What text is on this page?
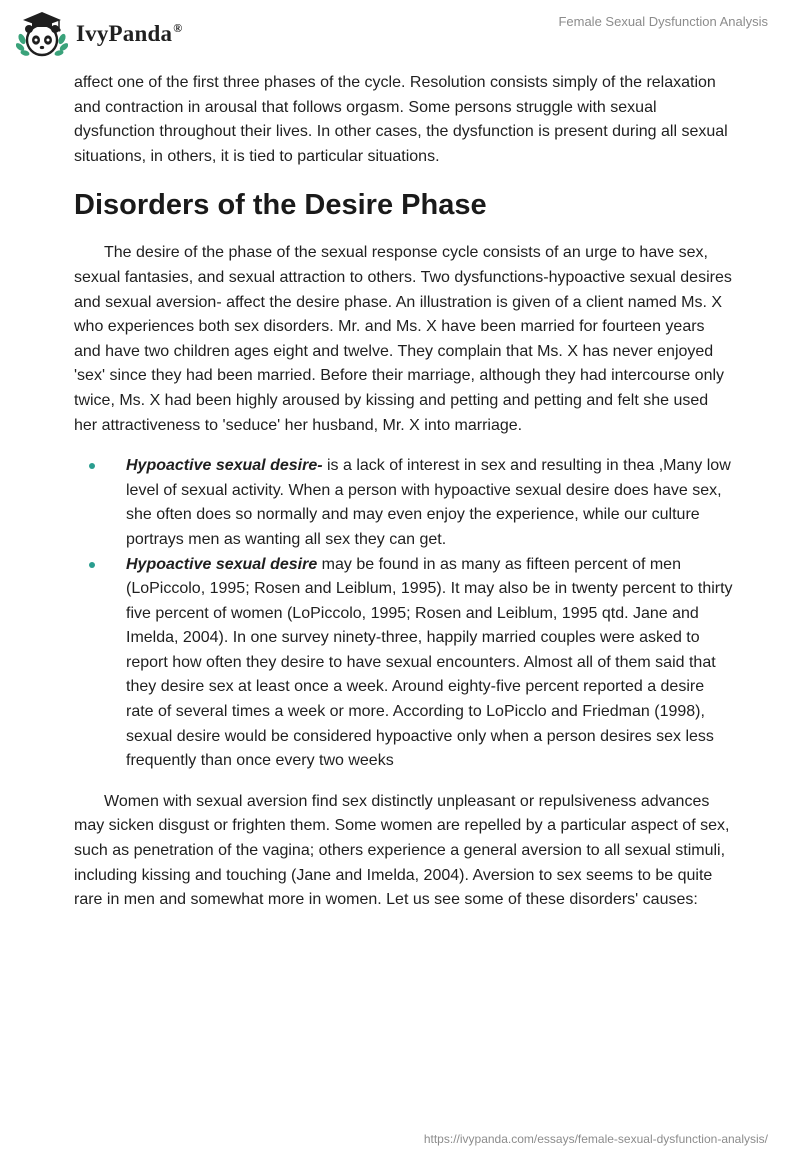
IvyPanda®	Female Sexual Dysfunction Analysis

affect one of the first three phases of the cycle. Resolution consists simply of the relaxation and contraction in arousal that follows orgasm. Some persons struggle with sexual dysfunction throughout their lives. In other cases, the dysfunction is present during all sexual situations, in others, it is tied to particular situations.

Disorders of the Desire Phase

The desire of the phase of the sexual response cycle consists of an urge to have sex, sexual fantasies, and sexual attraction to others. Two dysfunctions-hypoactive sexual desires and sexual aversion- affect the desire phase. An illustration is given of a client named Ms. X who experiences both sex disorders. Mr. and Ms. X have been married for fourteen years and have two children ages eight and twelve. They complain that Ms. X has never enjoyed 'sex' since they had been married. Before their marriage, although they had intercourse only twice, Ms. X had been highly aroused by kissing and petting and petting and felt she used her attractiveness to 'seduce' her husband, Mr. X into marriage.

Hypoactive sexual desire- is a lack of interest in sex and resulting in thea ,Many low level of sexual activity. When a person with hypoactive sexual desire does have sex, she often does so normally and may even enjoy the experience, while our culture portrays men as wanting all sex they can get.
Hypoactive sexual desire may be found in as many as fifteen percent of men (LoPiccolo, 1995; Rosen and Leiblum, 1995). It may also be in twenty percent to thirty five percent of women (LoPiccolo, 1995; Rosen and Leiblum, 1995 qtd. Jane and Imelda, 2004). In one survey ninety-three, happily married couples were asked to report how often they desire to have sexual encounters. Almost all of them said that they desire sex at least once a week. Around eighty-five percent reported a desire rate of several times a week or more. According to LoPicclo and Friedman (1998), sexual desire would be considered hypoactive only when a person desires sex less frequently than once every two weeks

Women with sexual aversion find sex distinctly unpleasant or repulsiveness advances may sicken disgust or frighten them. Some women are repelled by a particular aspect of sex, such as penetration of the vagina; others experience a general aversion to all sexual stimuli, including kissing and touching (Jane and Imelda, 2004). Aversion to sex seems to be quite rare in men and somewhat more in women. Let us see some of these disorders' causes:

https://ivypanda.com/essays/female-sexual-dysfunction-analysis/
